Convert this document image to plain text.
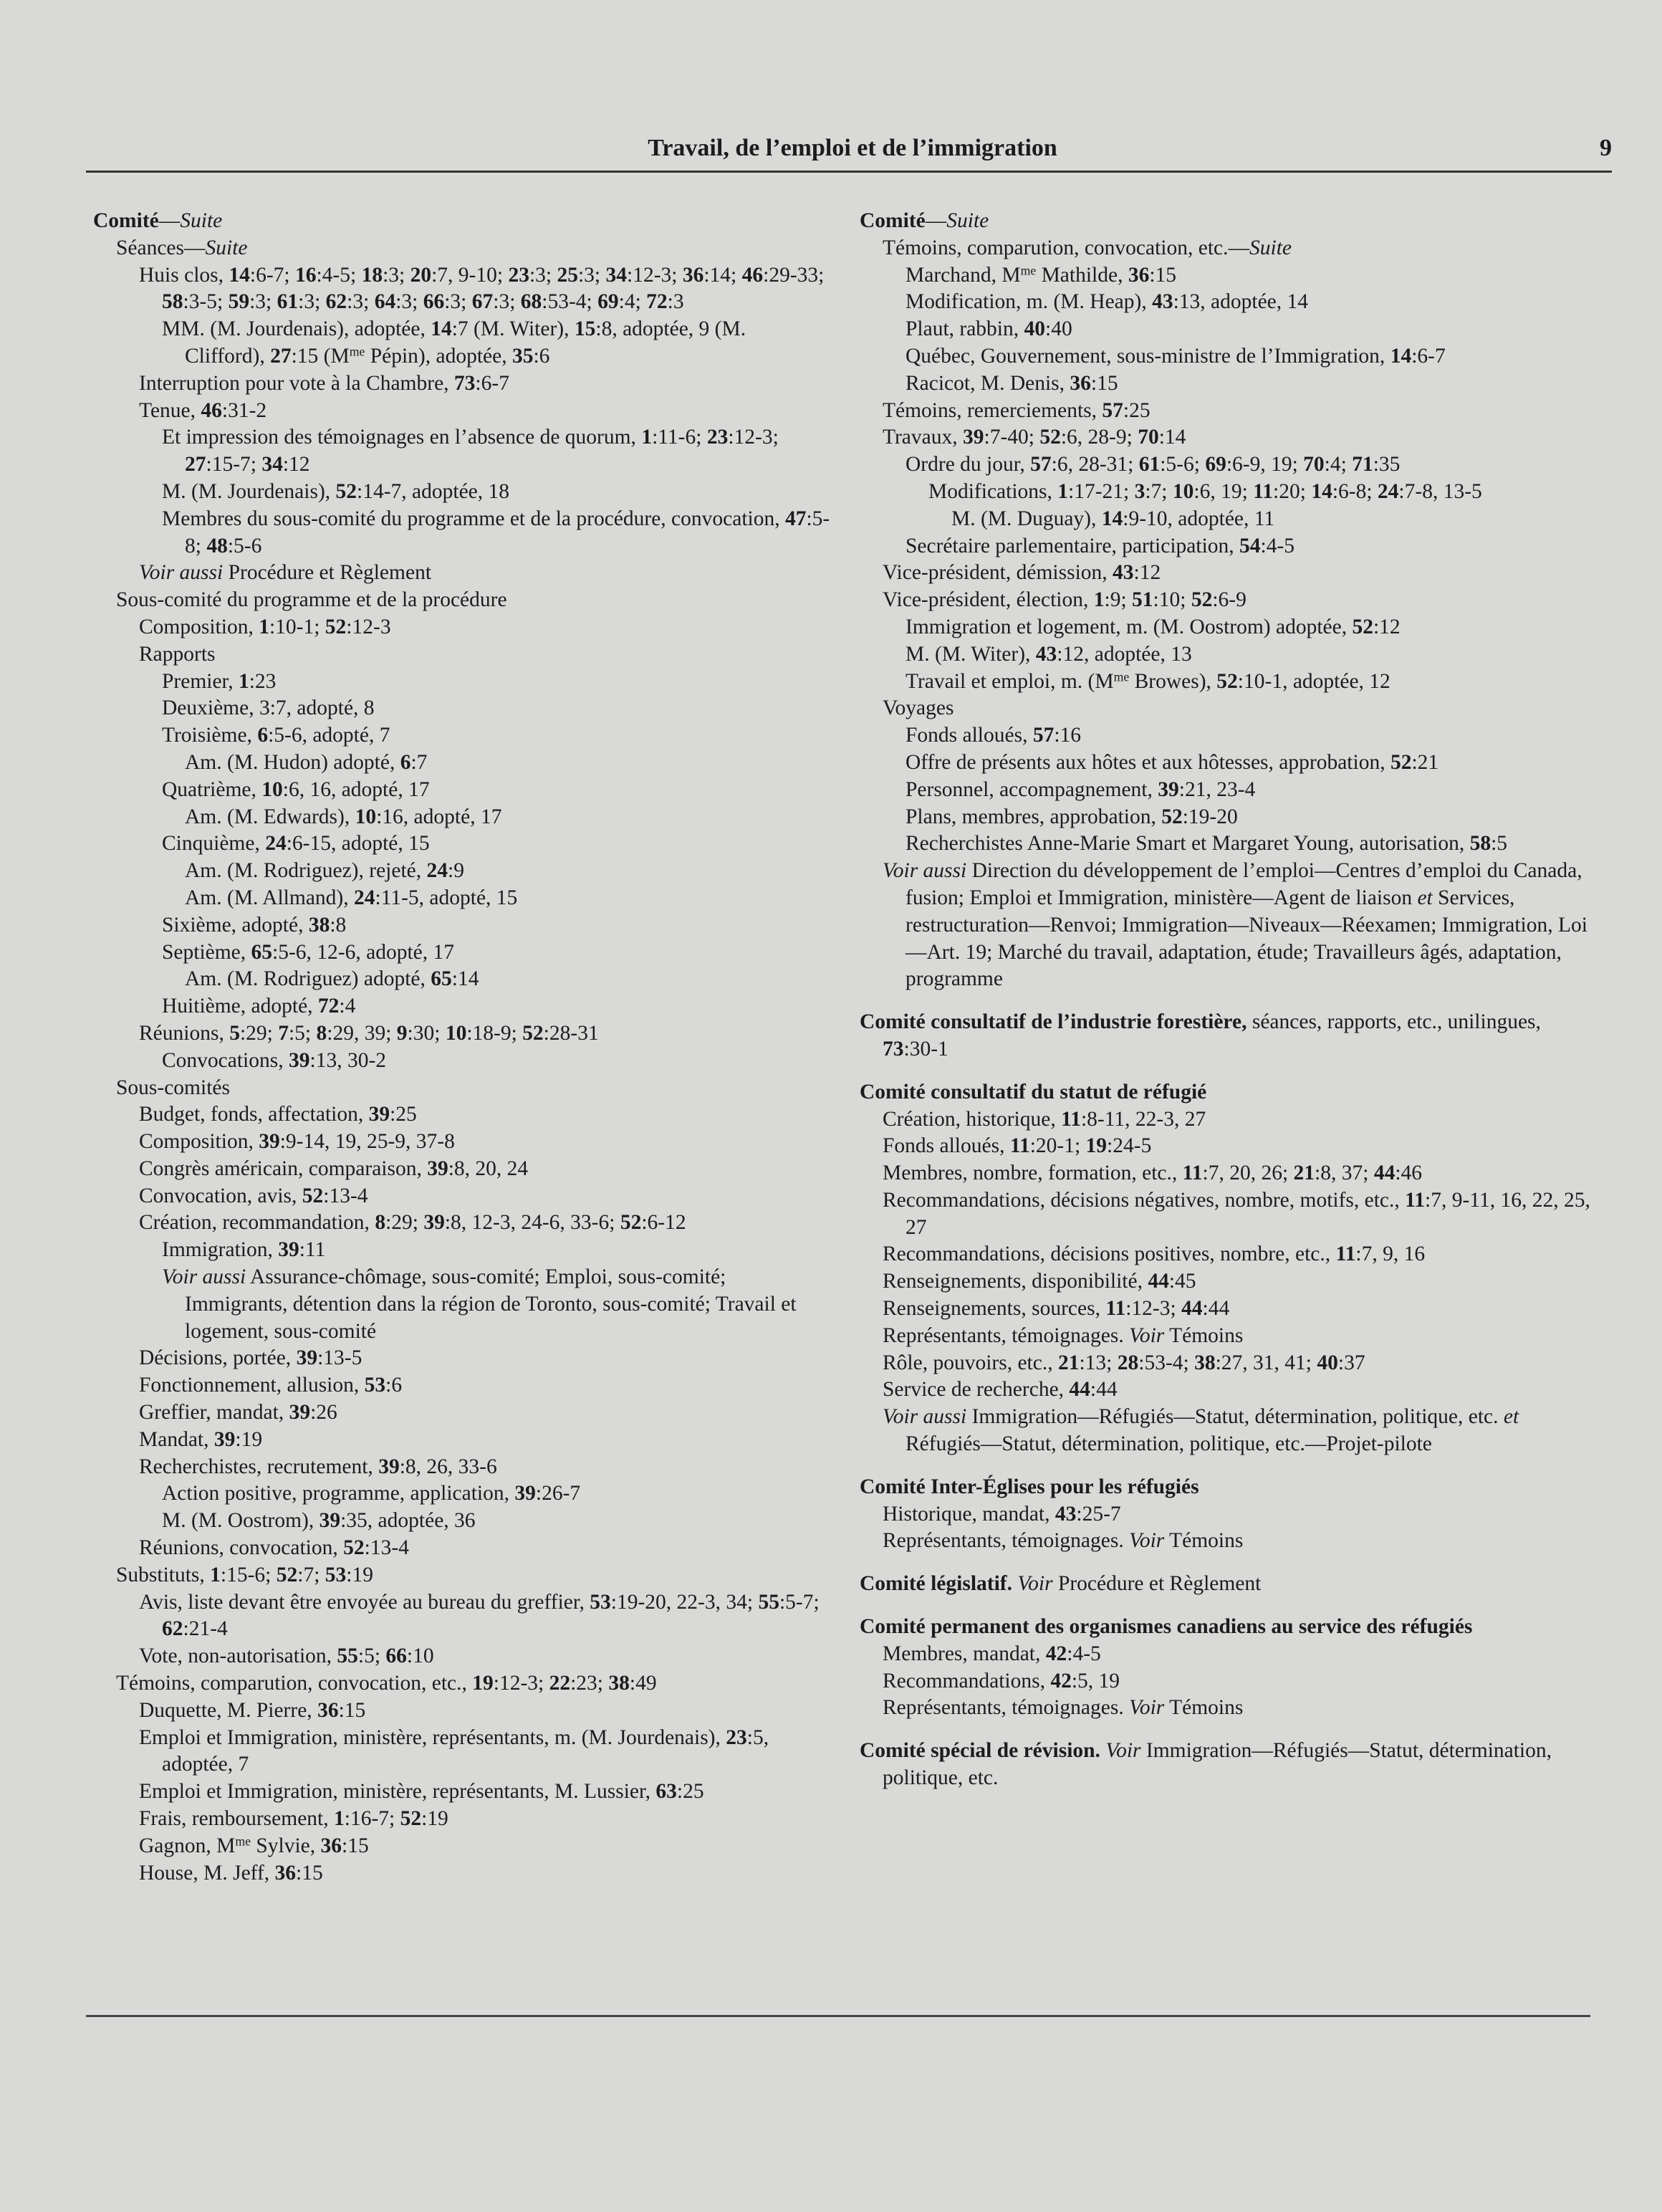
Travail, de l’emploi et de l’immigration	9
Comité—Suite
Séances—Suite
Huis clos, 14:6-7; 16:4-5; 18:3; 20:7, 9-10; 23:3; 25:3; 34:12-3; 36:14; 46:29-33; 58:3-5; 59:3; 61:3; 62:3; 64:3; 66:3; 67:3; 68:53-4; 69:4; 72:3
MM. (M. Jourdenais), adoptée, 14:7 (M. Witer), 15:8, adoptée, 9 (M. Clifford), 27:15 ($M^{me}$ Pépin), adoptée, 35:6
Interruption pour vote à la Chambre, 73:6-7
Tenue, 46:31-2
Et impression des témoignages en l’absence de quorum, 1:11-6; 23:12-3; 27:15-7; 34:12
M. (M. Jourdenais), 52:14-7, adoptée, 18
Membres du sous-comité du programme et de la procédure, convocation, 47:5-8; 48:5-6
Voir aussi Procédure et Règlement
Sous-comité du programme et de la procédure
Composition, 1:10-1; 52:12-3
Rapports
Premier, 1:23
Deuxième, 3:7, adopté, 8
Troisième, 6:5-6, adopté, 7
Am. (M. Hudon) adopté, 6:7
Quatrième, 10:6, 16, adopté, 17
Am. (M. Edwards), 10:16, adopté, 17
Cinquième, 24:6-15, adopté, 15
Am. (M. Rodriguez), rejeté, 24:9
Am. (M. Allmand), 24:11-5, adopté, 15
Sixième, adopté, 38:8
Septième, 65:5-6, 12-6, adopté, 17
Am. (M. Rodriguez) adopté, 65:14
Huitième, adopté, 72:4
Réunions, 5:29; 7:5; 8:29, 39; 9:30; 10:18-9; 52:28-31
Convocations, 39:13, 30-2
Sous-comités
Budget, fonds, affectation, 39:25
Composition, 39:9-14, 19, 25-9, 37-8
Congrès américain, comparaison, 39:8, 20, 24
Convocation, avis, 52:13-4
Création, recommandation, 8:29; 39:8, 12-3, 24-6, 33-6; 52:6-12
Immigration, 39:11
Voir aussi Assurance-chômage, sous-comité; Emploi, sous-comité; Immigrants, détention dans la région de Toronto, sous-comité; Travail et logement, sous-comité
Décisions, portée, 39:13-5
Fonctionnement, allusion, 53:6
Greffier, mandat, 39:26
Mandat, 39:19
Recherchistes, recrutement, 39:8, 26, 33-6
Action positive, programme, application, 39:26-7
M. (M. Oostrom), 39:35, adoptée, 36
Réunions, convocation, 52:13-4
Substituts, 1:15-6; 52:7; 53:19
Avis, liste devant être envoyée au bureau du greffier, 53:19-20, 22-3, 34; 55:5-7; 62:21-4
Vote, non-autorisation, 55:5; 66:10
Témoins, comparution, convocation, etc., 19:12-3; 22:23; 38:49
Duquette, M. Pierre, 36:15
Emploi et Immigration, ministère, représentants, m. (M. Jourdenais), 23:5, adoptée, 7
Emploi et Immigration, ministère, représentants, M. Lussier, 63:25
Frais, remboursement, 1:16-7; 52:19
Gagnon, $M^{me}$ Sylvie, 36:15
House, M. Jeff, 36:15
Comité—Suite
Témoins, comparution, convocation, etc.—Suite
Marchand, $M^{me}$ Mathilde, 36:15
Modification, m. (M. Heap), 43:13, adoptée, 14
Plaut, rabbin, 40:40
Québec, Gouvernement, sous-ministre de l’Immigration, 14:6-7
Racicot, M. Denis, 36:15
Témoins, remerciements, 57:25
Travaux, 39:7-40; 52:6, 28-9; 70:14
Ordre du jour, 57:6, 28-31; 61:5-6; 69:6-9, 19; 70:4; 71:35
Modifications, 1:17-21; 3:7; 10:6, 19; 11:20; 14:6-8; 24:7-8, 13-5
M. (M. Duguay), 14:9-10, adoptée, 11
Secrétaire parlementaire, participation, 54:4-5
Vice-président, démission, 43:12
Vice-président, élection, 1:9; 51:10; 52:6-9
Immigration et logement, m. (M. Oostrom) adoptée, 52:12
M. (M. Witer), 43:12, adoptée, 13
Travail et emploi, m. ($M^{me}$ Browes), 52:10-1, adoptée, 12
Voyages
Fonds alloués, 57:16
Offre de présents aux hôtes et aux hôtesses, approbation, 52:21
Personnel, accompagnement, 39:21, 23-4
Plans, membres, approbation, 52:19-20
Recherchistes Anne-Marie Smart et Margaret Young, autorisation, 58:5
Voir aussi Direction du développement de l’emploi—Centres d’emploi du Canada, fusion; Emploi et Immigration, ministère—Agent de liaison et Services, restructuration—Renvoi; Immigration—Niveaux—Réexamen; Immigration, Loi—Art. 19; Marché du travail, adaptation, étude; Travailleurs âgés, adaptation, programme
Comité consultatif de l’industrie forestière, séances, rapports, etc., unilingues, 73:30-1
Comité consultatif du statut de réfugié
Création, historique, 11:8-11, 22-3, 27
Fonds alloués, 11:20-1; 19:24-5
Membres, nombre, formation, etc., 11:7, 20, 26; 21:8, 37; 44:46
Recommandations, décisions négatives, nombre, motifs, etc., 11:7, 9-11, 16, 22, 25, 27
Recommandations, décisions positives, nombre, etc., 11:7, 9, 16
Renseignements, disponibilité, 44:45
Renseignements, sources, 11:12-3; 44:44
Représentants, témoignages. Voir Témoins
Rôle, pouvoirs, etc., 21:13; 28:53-4; 38:27, 31, 41; 40:37
Service de recherche, 44:44
Voir aussi Immigration—Réfugiés—Statut, détermination, politique, etc. et Réfugiés—Statut, détermination, politique, etc.—Projet-pilote
Comité Inter-Églises pour les réfugiés
Historique, mandat, 43:25-7
Représentants, témoignages. Voir Témoins
Comité législatif. Voir Procédure et Règlement
Comité permanent des organismes canadiens au service des réfugiés
Membres, mandat, 42:4-5
Recommandations, 42:5, 19
Représentants, témoignages. Voir Témoins
Comité spécial de révision. Voir Immigration—Réfugiés—Statut, détermination, politique, etc.
